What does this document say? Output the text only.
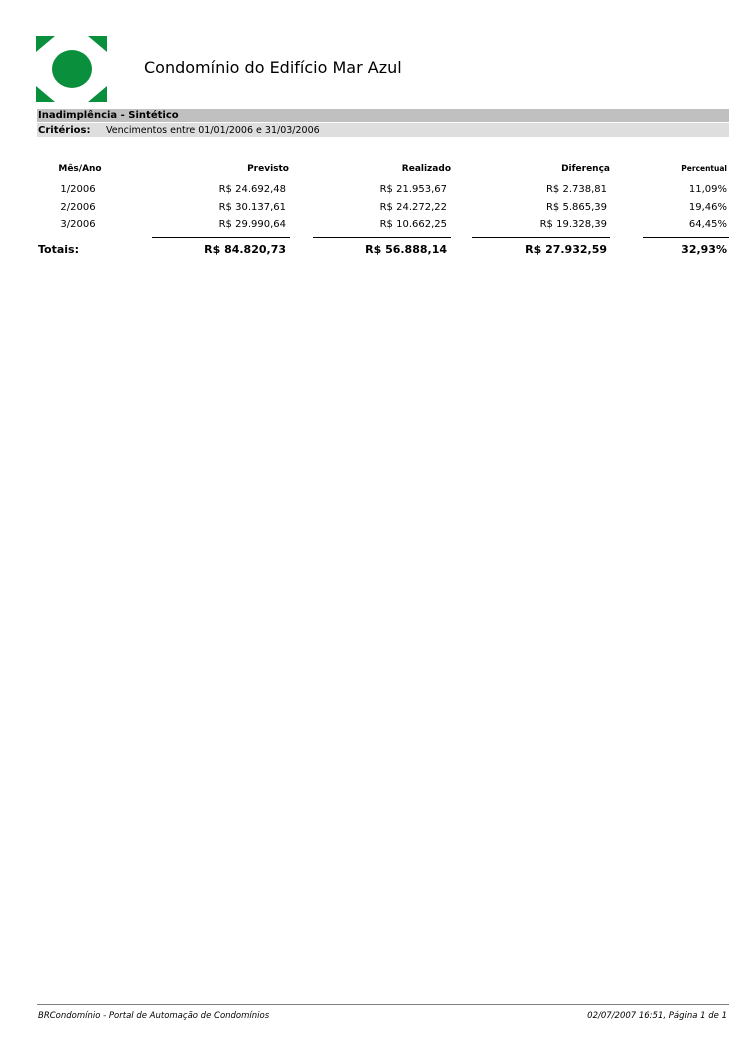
Condomínio do Edifício Mar Azul
Inadimplência - Sintético
Critérios: Vencimentos entre 01/01/2006 e 31/03/2006
Mês/Ano	Previsto	Realizado	Diferença	Percentual
1/2006	R$ 24.692,48	R$ 21.953,67	R$ 2.738,81	11,09%
2/2006	R$ 30.137,61	R$ 24.272,22	R$ 5.865,39	19,46%
3/2006	R$ 29.990,64	R$ 10.662,25	R$ 19.328,39	64,45%
Totais:	R$ 84.820,73	R$ 56.888,14	R$ 27.932,59	32,93%
BRCondomínio - Portal de Automação de Condomínios	02/07/2007 16:51, Página 1 de 1
